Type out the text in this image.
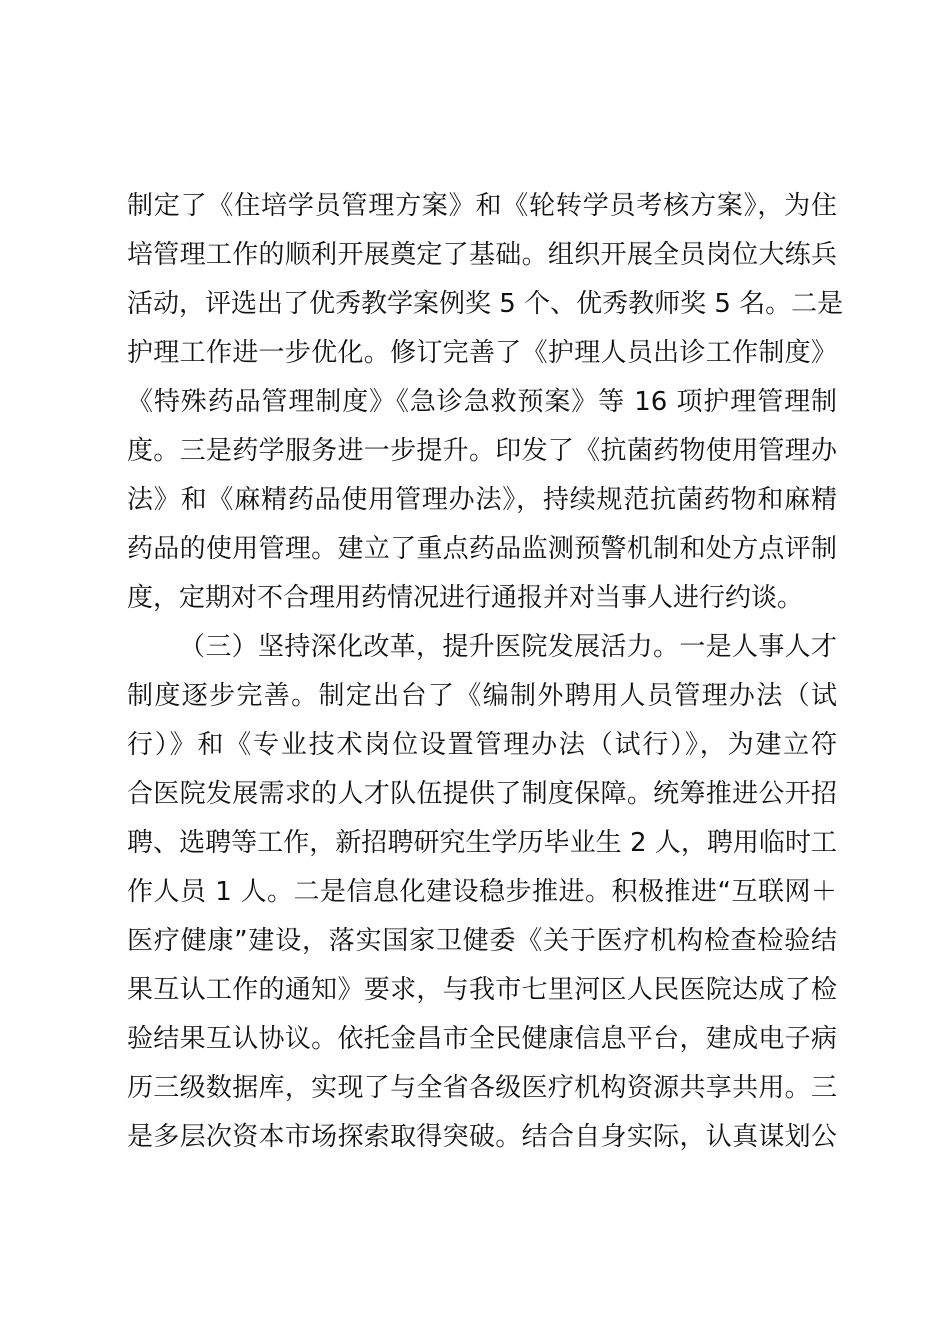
制定了《住培学员管理方案》和《轮转学员考核方案》，为住
培管理工作的顺利开展奠定了基础。组织开展全员岗位大练兵
活动，评选出了优秀教学案例奖 5 个、优秀教师奖 5 名。二是
护理工作进一步优化。修订完善了《护理人员出诊工作制度》
《特殊药品管理制度》《急诊急救预案》等 16 项护理管理制
度。三是药学服务进一步提升。印发了《抗菌药物使用管理办
法》和《麻精药品使用管理办法》，持续规范抗菌药物和麻精
药品的使用管理。建立了重点药品监测预警机制和处方点评制
度，定期对不合理用药情况进行通报并对当事人进行约谈。
（三）坚持深化改革，提升医院发展活力。一是人事人才
制度逐步完善。制定出台了《编制外聘用人员管理办法（试
行）》和《专业技术岗位设置管理办法（试行）》，为建立符
合医院发展需求的人才队伍提供了制度保障。统筹推进公开招
聘、选聘等工作，新招聘研究生学历毕业生 2 人，聘用临时工
作人员 1 人。二是信息化建设稳步推进。积极推进“互联网＋
医疗健康”建设，落实国家卫健委《关于医疗机构检查检验结
果互认工作的通知》要求，与我市七里河区人民医院达成了检
验结果互认协议。依托金昌市全民健康信息平台，建成电子病
历三级数据库，实现了与全省各级医疗机构资源共享共用。三
是多层次资本市场探索取得突破。结合自身实际，认真谋划公
